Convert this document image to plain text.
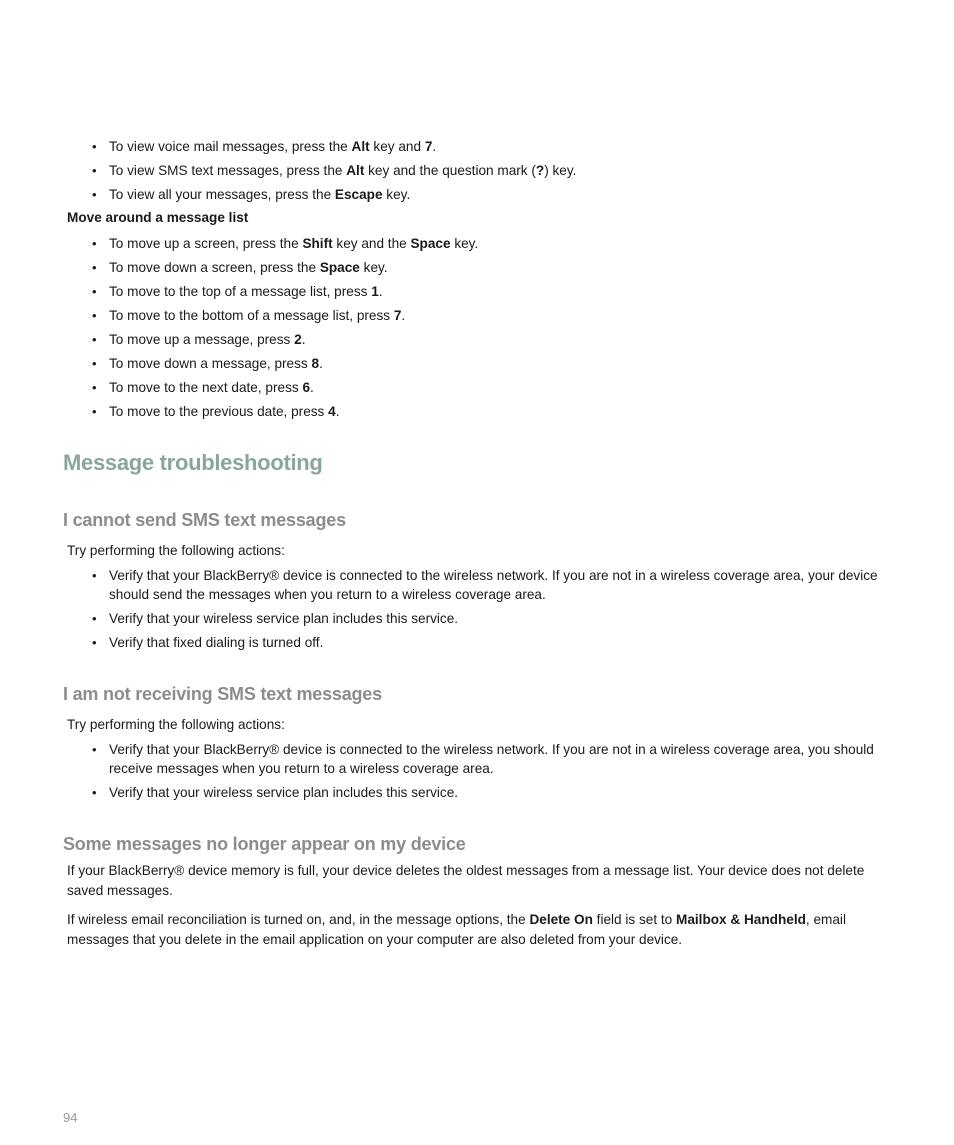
• To view voice mail messages, press the Alt key and 7.
• To view SMS text messages, press the Alt key and the question mark (?) key.
• To view all your messages, press the Escape key.
Move around a message list
• To move up a screen, press the Shift key and the Space key.
• To move down a screen, press the Space key.
• To move to the top of a message list, press 1.
• To move to the bottom of a message list, press 7.
• To move up a message, press 2.
• To move down a message, press 8.
• To move to the next date, press 6.
• To move to the previous date, press 4.
Message troubleshooting
I cannot send SMS text messages
Try performing the following actions:
• Verify that your BlackBerry® device is connected to the wireless network. If you are not in a wireless coverage area, your device should send the messages when you return to a wireless coverage area.
• Verify that your wireless service plan includes this service.
• Verify that fixed dialing is turned off.
I am not receiving SMS text messages
Try performing the following actions:
• Verify that your BlackBerry® device is connected to the wireless network. If you are not in a wireless coverage area, you should receive messages when you return to a wireless coverage area.
• Verify that your wireless service plan includes this service.
Some messages no longer appear on my device
If your BlackBerry® device memory is full, your device deletes the oldest messages from a message list. Your device does not delete saved messages.
If wireless email reconciliation is turned on, and, in the message options, the Delete On field is set to Mailbox & Handheld, email messages that you delete in the email application on your computer are also deleted from your device.
94
